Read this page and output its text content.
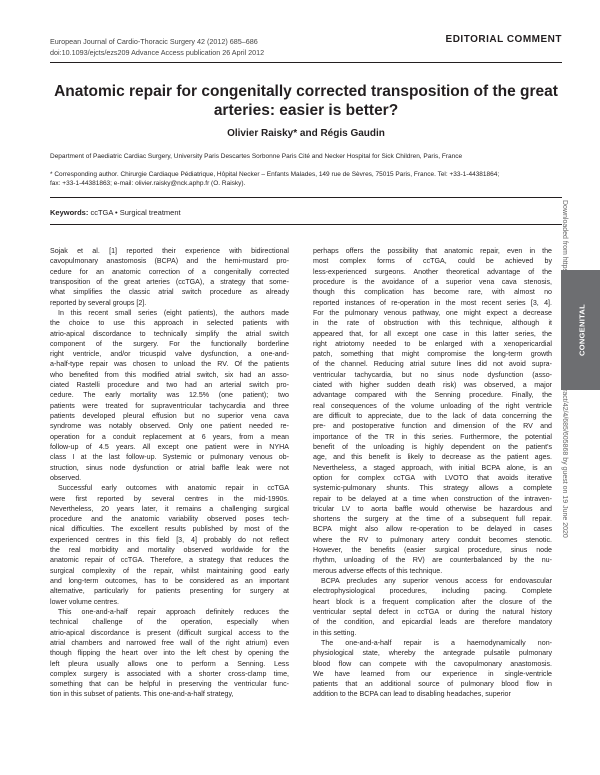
European Journal of Cardio-Thoracic Surgery 42 (2012) 685–686
doi:10.1093/ejcts/ezs209 Advance Access publication 26 April 2012
EDITORIAL COMMENT
Anatomic repair for congenitally corrected transposition of the great
arteries: easier is better?
Olivier Raisky* and Régis Gaudin
Department of Paediatric Cardiac Surgery, University Paris Descartes Sorbonne Paris Cité and Necker Hospital for Sick Children, Paris, France
* Corresponding author. Chirurgie Cardiaque Pédiatrique, Hôpital Necker – Enfants Malades, 149 rue de Sèvres, 75015 Paris, France. Tel: +33-1-44381864;
fax: +33-1-44381863; e-mail: olivier.raisky@nck.aphp.fr (O. Raisky).
Keywords: ccTGA • Surgical treatment
Sojak et al. [1] reported their experience with bidirectional
cavopulmonary anastomosis (BCPA) and the hemi-mustard pro-
cedure for an anatomic correction of a congenitally corrected
transposition of the great arteries (ccTGA), a strategy that some-
what simplifies the classic atrial switch procedure as already
reported by several groups [2].
In this recent small series (eight patients), the authors made
the choice to use this approach in selected patients with
atrio-apical discordance to technically simplify the atrial switch
component of the surgery. For the functionally borderline
right ventricle, and/or tricuspid valve dysfunction, a one-and-
a-half-type repair was chosen to unload the RV. Of the patients
who benefited from this modified atrial switch, six had an asso-
ciated Rastelli procedure and two had an arterial switch pro-
cedure. The early mortality was 12.5% (one patient); two
patients were treated for supraventricular tachycardia and three
patients developed pleural effusion but no superior vena cava
syndrome was notably observed. Only one patient needed re-
operation for a conduit replacement at 6 years, from a mean
follow-up of 4.5 years. All except one patient were in NYHA
class I at the last follow-up. Systemic or pulmonary venous ob-
struction, sinus node dysfunction or atrial baffle leak were not
observed.
Successful early outcomes with anatomic repair in ccTGA
were first reported by several centres in the mid-1990s.
Nevertheless, 20 years later, it remains a challenging surgical
procedure and the anatomic variability observed poses tech-
nical difficulties. The excellent results published by most of the
experienced centres in this field [3, 4] probably do not reflect
the real morbidity and mortality observed worldwide for the
anatomic repair of ccTGA. Therefore, a strategy that reduces the
surgical complexity of the repair, whilst maintaining good early
and long-term outcomes, has to be considered as an important
alternative, particularly for patients presenting for surgery at
lower volume centres.
This one-and-a-half repair approach definitely reduces the
technical challenge of the operation, especially when
atrio-apical discordance is present (difficult surgical access to the
atrial chambers and narrowed free wall of the right atrium) even
though flipping the heart over into the left chest by opening the
left pleura usually allows one to perform a Senning. Less
complex surgery is associated with a shorter cross-clamp time,
something that can be helpful in preserving the ventricular func-
tion in this subset of patients. This one-and-a-half strategy,
perhaps offers the possibility that anatomic repair, even in the
most complex forms of ccTGA, could be achieved by
less-experienced surgeons. Another theoretical advantage of the
procedure is the avoidance of a superior vena cava stenosis,
though this complication has become rare, with almost no
reported instances of re-operation in the most recent series [3, 4].
For the pulmonary venous pathway, one might expect a decrease
in the rate of obstruction with this technique, although it
appeared that, for all except one case in this latter series, the
right atriotomy needed to be enlarged with a xenopericardial
patch, something that might compromise the long-term growth
of the channel. Reducing atrial suture lines did not avoid supra-
ventricular tachycardia, but no sinus node dysfunction (asso-
ciated with higher sudden death risk) was observed, a major
advantage compared with the Senning procedure. Finally, the
real consequences of the volume unloading of the right ventricle
are difficult to appreciate, due to the lack of data concerning the
pre- and postoperative function and dimension of the RV and
importance of the TR in this series. Furthermore, the potential
benefit of the unloading is highly dependent on the patient's
age, and this benefit is likely to decrease as the patient ages.
Nevertheless, a staged approach, with initial BCPA alone, is an
option for complex ccTGA with LVOTO that avoids iterative
systemic-pulmonary shunts. This strategy allows a complete
repair to be delayed at a time when construction of the intraven-
tricular LV to aorta baffle would otherwise be hazardous and
shortens the surgery at the time of a subsequent full repair.
BCPA might also allow re-operation to be delayed in cases
where the RV to pulmonary artery conduit becomes stenotic.
However, the benefits (easier surgical procedure, sinus node
rhythm, unloading of the RV) are counterbalanced by the nu-
merous adverse effects of this technique.
BCPA precludes any superior venous access for endovascular
electrophysiological procedures, including pacing. Complete
heart block is a frequent complication after the closure of the
ventricular septal defect in ccTGA or during the natural history
of the condition, and epicardial leads are therefore mandatory
in this setting.
The one-and-a-half repair is a haemodynamically non-
physiological state, whereby the antegrade pulsatile pulmonary
blood flow can compete with the cavopulmonary anastomosis.
We have learned from our experience in single-ventricle
patients that an additional source of pulmonary blood flow in
addition to the BCPA can lead to disabling headaches, superior
CONGENITAL
